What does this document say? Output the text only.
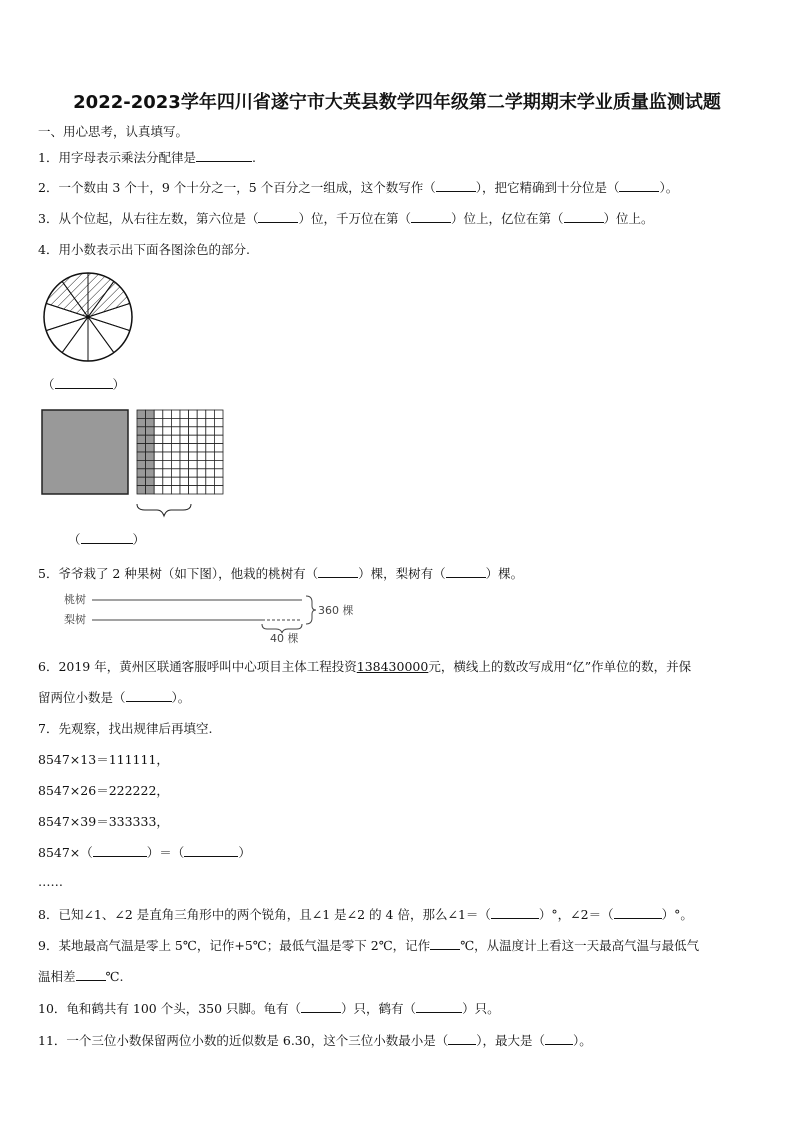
2022-2023学年四川省遂宁市大英县数学四年级第二学期期末学业质量监测试题
一、用心思考，认真填写。
1．用字母表示乘法分配律是	.
2．一个数由 3 个十，9 个十分之一，5 个百分之一组成，这个数写作（	），把它精确到十分位是（	）。
3．从个位起，从右往左数，第六位是（	）位，千万位在第（	）位上，亿位在第（	）位上。
4．用小数表示出下面各图涂色的部分.
（	）
（	）
5．爷爷栽了 2 种果树（如下图），他栽的桃树有（	）棵，梨树有（	）棵。
桃树
梨树
360 棵
40 棵
6．2019 年，黄州区联通客服呼叫中心项目主体工程投资138430000元，横线上的数改写成用“亿”作单位的数，并保
留两位小数是（	）。
7．先观察，找出规律后再填空.
8547×13＝111111，
8547×26＝222222，
8547×39＝333333，
8547×（	）＝（	）
……
8．已知∠1、∠2 是直角三角形中的两个锐角，且∠1 是∠2 的 4 倍，那么∠1＝（	）°，∠2＝（	）°。
9．某地最高气温是零上 5℃，记作+5℃；最低气温是零下 2℃，记作 ℃，从温度计上看这一天最高气温与最低气
温相差 ℃.
10．龟和鹤共有 100 个头，350 只脚。龟有（	）只，鹤有（	）只。
11．一个三位小数保留两位小数的近似数是 6.30，这个三位小数最小是（ ），最大是（ ）。
